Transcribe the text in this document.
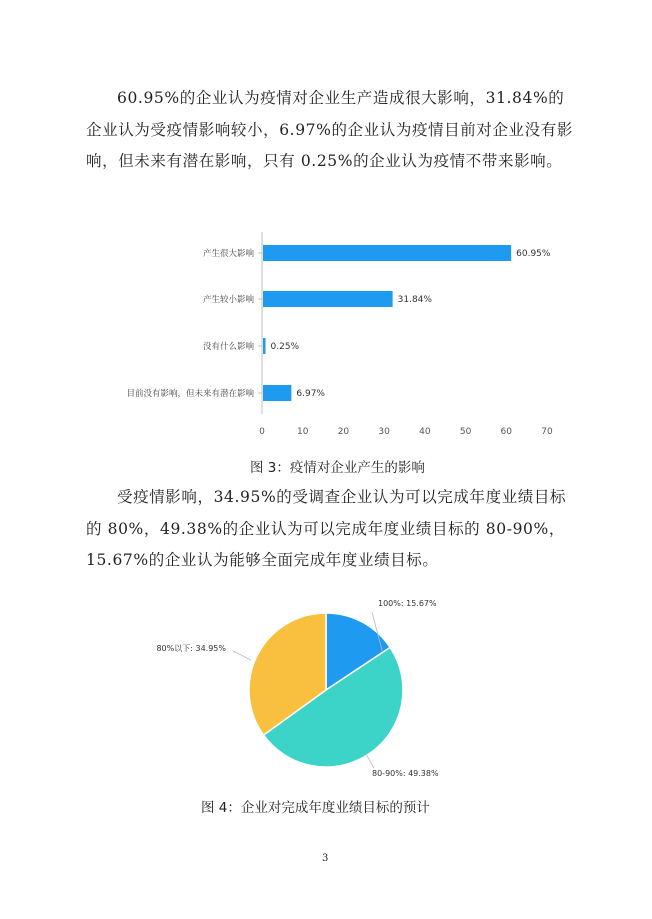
60.95%的企业认为疫情对企业生产造成很大影响，31.84%的企业认为受疫情影响较小，6.97%的企业认为疫情目前对企业没有影响，但未来有潜在影响，只有 0.25%的企业认为疫情不带来影响。

产生很大影响	60.95%
产生较小影响	31.84%
没有什么影响 0.25%
目前没有影响，但未来有潜在影响	6.97%
0	10	20	30	40	50	60	70
100%: 15.67%
80-90%: 49.38%
80%以下: 34.95%
图 3：疫情对企业产生的影响

受疫情影响，34.95%的受调查企业认为可以完成年度业绩目标的 80%，49.38%的企业认为可以完成年度业绩目标的 80-90%，15.67%的企业认为能够全面完成年度业绩目标。

图 4：企业对完成年度业绩目标的预计
3
